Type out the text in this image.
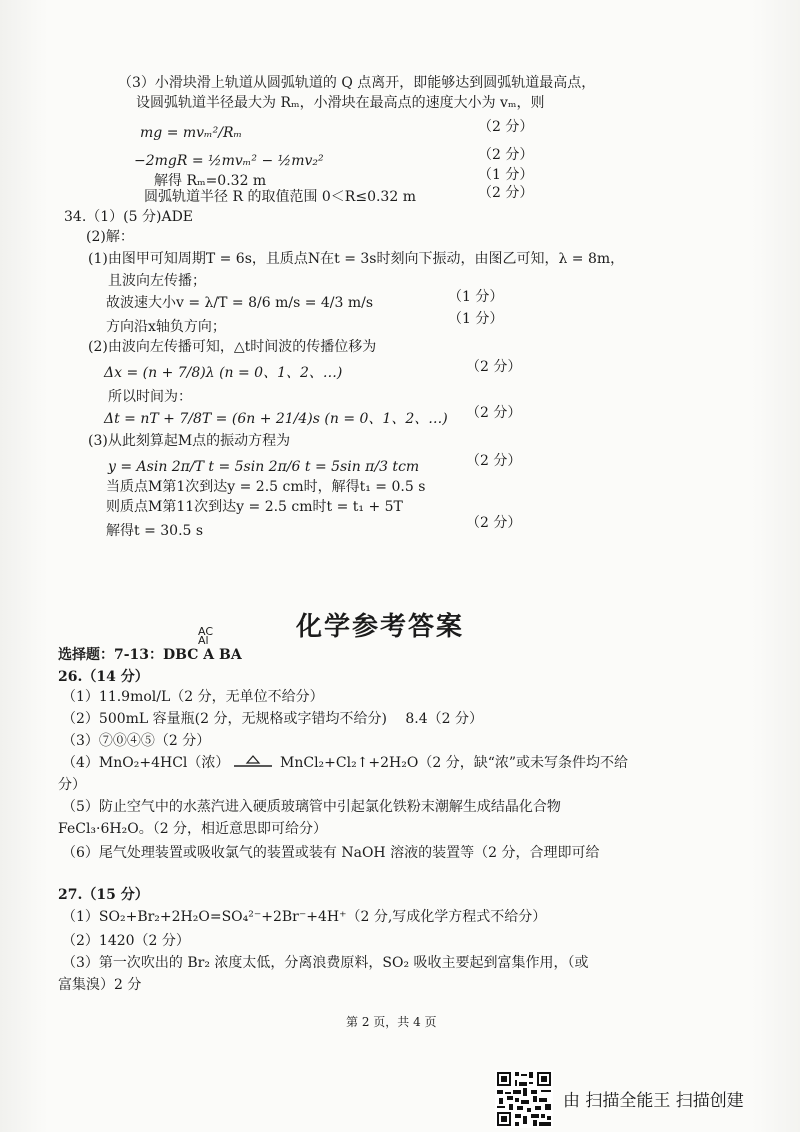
（3）小滑块滑上轨道从圆弧轨道的 Q 点离开，即能够达到圆弧轨道最高点，
设圆弧轨道半径最大为 Rₘ，小滑块在最高点的速度大小为 vₘ，则
mg = mvₘ²/Rₘ	（2 分）
−2mgR = ½mvₘ² − ½mv₂²	（2 分）
解得 Rₘ=0.32 m	（1 分）
圆弧轨道半径 R 的取值范围 0＜R≤0.32 m	（2 分）
34.（1）(5 分)ADE
(2)解：
(1)由图甲可知周期T = 6s，且质点N在t = 3s时刻向下振动，由图乙可知，λ = 8m，
且波向左传播；
故波速大小v = λ/T = 8/6 m/s = 4/3 m/s	（1 分）
方向沿x轴负方向；	（1 分）
(2)由波向左传播可知，△t时间波的传播位移为
Δx = (n + 7/8)λ (n = 0、1、2、…)	（2 分）
所以时间为：
Δt = nT + 7/8T = (6n + 21/4)s (n = 0、1、2、…) （2 分）
(3)从此刻算起M点的振动方程为
y = Asin 2π/T t = 5sin 2π/6 t = 5sin π/3 tcm	（2 分）
当质点M第1次到达y = 2.5 cm时，解得t₁ = 0.5 s
则质点M第11次到达y = 2.5 cm时t = t₁ + 5T
解得t = 30.5 s	（2 分）
化学参考答案
AC
Al
选择题：7-13：DBC A BA
26.（14 分）
（1）11.9mol/L（2 分，无单位不给分）
（2）500mL 容量瓶(2 分，无规格或字错均不给分)　 8.4（2 分）
（3）⑦⓪④⑤（2 分）
（4）MnO₂+4HCl（浓）	MnCl₂+Cl₂↑+2H₂O（2 分，缺“浓”或未写条件均不给
分）
（5）防止空气中的水蒸汽进入硬质玻璃管中引起氯化铁粉末潮解生成结晶化合物
FeCl₃·6H₂O。（2 分，相近意思即可给分）
（6）尾气处理装置或吸收氯气的装置或装有 NaOH 溶液的装置等（2 分，合理即可给
27.（15 分）
（1）SO₂+Br₂+2H₂O=SO₄²⁻+2Br⁻+4H⁺（2 分,写成化学方程式不给分）
（2）1420（2 分）
（3）第一次吹出的 Br₂ 浓度太低，分离浪费原料，SO₂ 吸收主要起到富集作用，（或
富集溴）2 分
第 2 页，共 4 页
由 扫描全能王 扫描创建
